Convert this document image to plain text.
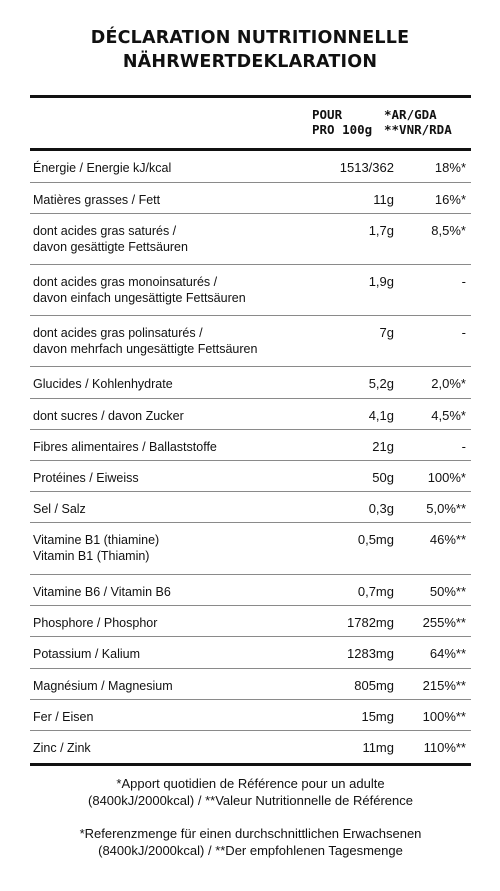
DÉCLARATION NUTRITIONNELLE
NÄHRWERTDEKLARATION
POUR
PRO 100g
*AR/GDA
**VNR/RDA
Énergie / Energie kJ/kcal	1513/362	18%*
Matières grasses / Fett	11g	16%*
dont acides gras saturés /
davon gesättigte Fettsäuren
1,7g	8,5%*
dont acides gras monoinsaturés /
davon einfach ungesättigte Fettsäuren
1,9g	-
dont acides gras polinsaturés /
davon mehrfach ungesättigte Fettsäuren
7g	-
Glucides / Kohlenhydrate	5,2g	2,0%*
dont sucres / davon Zucker	4,1g	4,5%*
Fibres alimentaires / Ballaststoffe	21g	-
Protéines / Eiweiss	50g	100%*
Sel / Salz	0,3g 5,0%**
Vitamine B1 (thiamine)
Vitamin B1 (Thiamin)
0,5mg	46%**
Vitamine B6 / Vitamin B6	0,7mg	50%**
Phosphore / Phosphor	1782mg 255%**
Potassium / Kalium	1283mg	64%**
Magnésium / Magnesium	805mg 215%**
Fer / Eisen	15mg 100%**
Zinc / Zink	11mg 110%**
*Apport quotidien de Référence pour un adulte
(8400kJ/2000kcal) / **Valeur Nutritionnelle de Référence
*Referenzmenge für einen durchschnittlichen Erwachsenen
(8400kJ/2000kcal) / **Der empfohlenen Tagesmenge
